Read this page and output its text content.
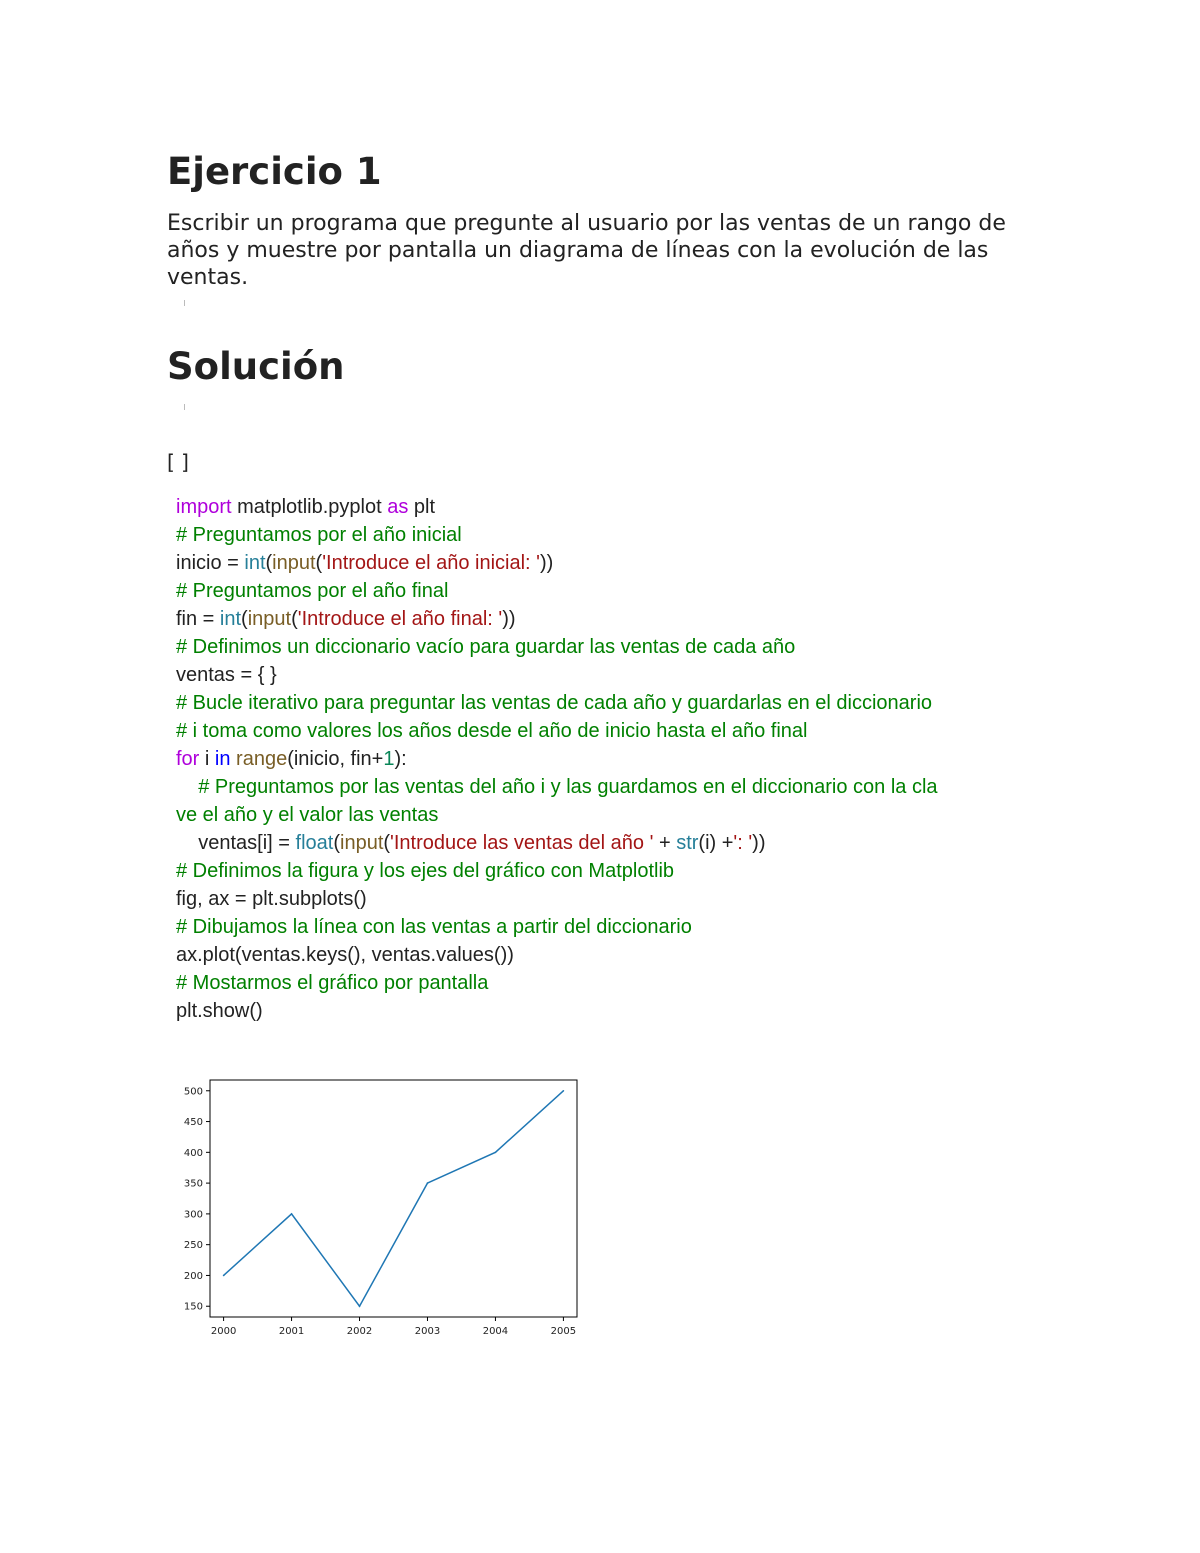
Ejercicio 1

Escribir un programa que pregunte al usuario por las ventas de un rango de años y muestre por pantalla un diagrama de líneas con la evolución de las ventas.

Solución
[ ]
import matplotlib.pyplot as plt
# Preguntamos por el año inicial
inicio = int(input('Introduce el año inicial: '))
# Preguntamos por el año final
fin = int(input('Introduce el año final: '))
# Definimos un diccionario vacío para guardar las ventas de cada año
ventas = { }
# Bucle iterativo para preguntar las ventas de cada año y guardarlas en el diccionario
# i toma como valores los años desde el año de inicio hasta el año final
for i in range(inicio, fin+1):
# Preguntamos por las ventas del año i y las guardamos en el diccionario con la cla
ve el año y el valor las ventas
ventas[i] = float(input('Introduce las ventas del año ' + str(i) +': '))
# Definimos la figura y los ejes del gráfico con Matplotlib
fig, ax = plt.subplots()
# Dibujamos la línea con las ventas a partir del diccionario
ax.plot(ventas.keys(), ventas.values())
# Mostarmos el gráfico por pantalla
plt.show()
500
450
400
350
300
250
200
150
2000	2001	2002	2003	2004	2005
